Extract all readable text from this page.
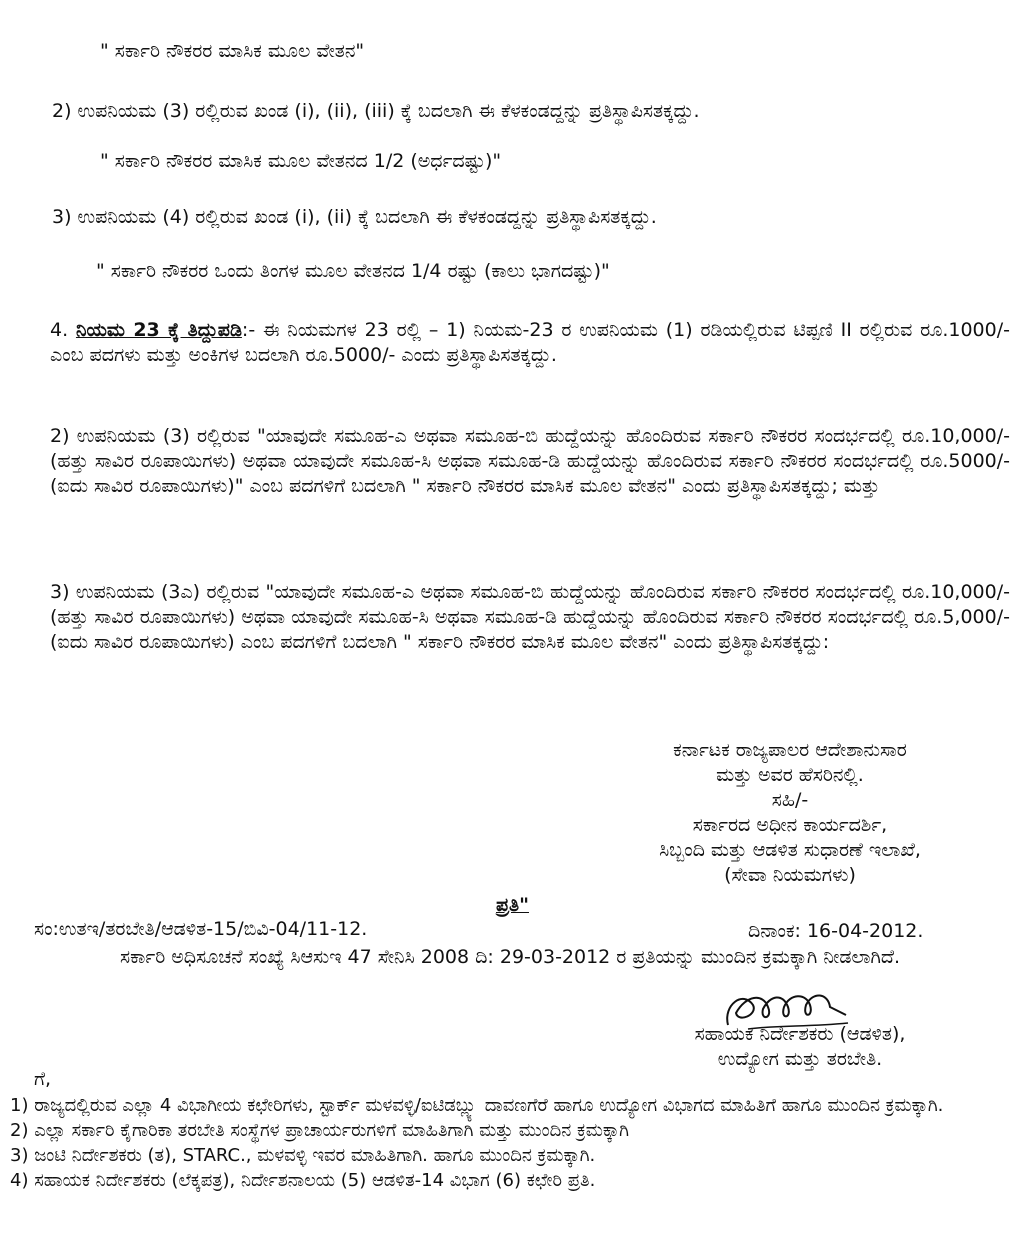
" ಸರ್ಕಾರಿ ನೌಕರರ ಮಾಸಿಕ ಮೂಲ ವೇತನ"
2) ಉಪನಿಯಮ (3) ರಲ್ಲಿರುವ ಖಂಡ (i), (ii), (iii) ಕ್ಕೆ ಬದಲಾಗಿ ಈ ಕೆಳಕಂಡದ್ದನ್ನು ಪ್ರತಿಸ್ಥಾಪಿಸತಕ್ಕದ್ದು.
" ಸರ್ಕಾರಿ ನೌಕರರ ಮಾಸಿಕ ಮೂಲ ವೇತನದ 1/2 (ಅರ್ಧದಷ್ಟು)"
3) ಉಪನಿಯಮ (4) ರಲ್ಲಿರುವ ಖಂಡ (i), (ii) ಕ್ಕೆ ಬದಲಾಗಿ ಈ ಕೆಳಕಂಡದ್ದನ್ನು ಪ್ರತಿಸ್ಥಾಪಿಸತಕ್ಕದ್ದು.
" ಸರ್ಕಾರಿ ನೌಕರರ ಒಂದು ತಿಂಗಳ ಮೂಲ ವೇತನದ 1/4 ರಷ್ಟು (ಕಾಲು ಭಾಗದಷ್ಟು)"
4. ನಿಯಮ 23 ಕ್ಕೆ ತಿದ್ದುಪಡಿ:- ಈ ನಿಯಮಗಳ 23 ರಲ್ಲಿ – 1) ನಿಯಮ-23 ರ ಉಪನಿಯಮ (1) ರಡಿಯಲ್ಲಿರುವ ಟಿಪ್ಪಣಿ II ರಲ್ಲಿರುವ ರೂ.1000/- ಎಂಬ ಪದಗಳು ಮತ್ತು ಅಂಕಿಗಳ ಬದಲಾಗಿ ರೂ.5000/- ಎಂದು ಪ್ರತಿಸ್ಥಾಪಿಸತಕ್ಕದ್ದು.
2) ಉಪನಿಯಮ (3) ರಲ್ಲಿರುವ "ಯಾವುದೇ ಸಮೂಹ-ಎ ಅಥವಾ ಸಮೂಹ-ಬಿ ಹುದ್ದೆಯನ್ನು ಹೊಂದಿರುವ ಸರ್ಕಾರಿ ನೌಕರರ ಸಂದರ್ಭದಲ್ಲಿ ರೂ.10,000/- (ಹತ್ತು ಸಾವಿರ ರೂಪಾಯಿಗಳು) ಅಥವಾ ಯಾವುದೇ ಸಮೂಹ-ಸಿ ಅಥವಾ ಸಮೂಹ-ಡಿ ಹುದ್ದೆಯನ್ನು ಹೊಂದಿರುವ ಸರ್ಕಾರಿ ನೌಕರರ ಸಂದರ್ಭದಲ್ಲಿ ರೂ.5000/- (ಐದು ಸಾವಿರ ರೂಪಾಯಿಗಳು)" ಎಂಬ ಪದಗಳಿಗೆ ಬದಲಾಗಿ " ಸರ್ಕಾರಿ ನೌಕರರ ಮಾಸಿಕ ಮೂಲ ವೇತನ" ಎಂದು ಪ್ರತಿಸ್ಥಾಪಿಸತಕ್ಕದ್ದು; ಮತ್ತು
3) ಉಪನಿಯಮ (3ಎ) ರಲ್ಲಿರುವ "ಯಾವುದೇ ಸಮೂಹ-ಎ ಅಥವಾ ಸಮೂಹ-ಬಿ ಹುದ್ದೆಯನ್ನು ಹೊಂದಿರುವ ಸರ್ಕಾರಿ ನೌಕರರ ಸಂದರ್ಭದಲ್ಲಿ ರೂ.10,000/- (ಹತ್ತು ಸಾವಿರ ರೂಪಾಯಿಗಳು) ಅಥವಾ ಯಾವುದೇ ಸಮೂಹ-ಸಿ ಅಥವಾ ಸಮೂಹ-ಡಿ ಹುದ್ದೆಯನ್ನು ಹೊಂದಿರುವ ಸರ್ಕಾರಿ ನೌಕರರ ಸಂದರ್ಭದಲ್ಲಿ ರೂ.5,000/- (ಐದು ಸಾವಿರ ರೂಪಾಯಿಗಳು) ಎಂಬ ಪದಗಳಿಗೆ ಬದಲಾಗಿ " ಸರ್ಕಾರಿ ನೌಕರರ ಮಾಸಿಕ ಮೂಲ ವೇತನ" ಎಂದು ಪ್ರತಿಸ್ಥಾಪಿಸತಕ್ಕದ್ದು:
ಕರ್ನಾಟಕ ರಾಜ್ಯಪಾಲರ ಆದೇಶಾನುಸಾರ
ಮತ್ತು ಅವರ ಹೆಸರಿನಲ್ಲಿ.
ಸಹಿ/-
ಸರ್ಕಾರದ ಅಧೀನ ಕಾರ್ಯದರ್ಶಿ,
ಸಿಬ್ಬಂದಿ ಮತ್ತು ಆಡಳಿತ ಸುಧಾರಣೆ ಇಲಾಖೆ,
(ಸೇವಾ ನಿಯಮಗಳು)
ಪ್ರತಿ"
ಸಂ:ಉತಇ/ತರಬೇತಿ/ಆಡಳಿತ-15/ಬಿವಿ-04/11-12.	ದಿನಾಂಕ: 16-04-2012.
ಸರ್ಕಾರಿ ಅಧಿಸೂಚನೆ ಸಂಖ್ಯೆ ಸಿಆಸುಇ 47 ಸೇನಿಸಿ 2008 ದಿ: 29-03-2012 ರ ಪ್ರತಿಯನ್ನು ಮುಂದಿನ ಕ್ರಮಕ್ಕಾಗಿ ನೀಡಲಾಗಿದೆ.
ಸಹಾಯಕ ನಿರ್ದೇಶಕರು (ಆಡಳಿತ),
ಉದ್ಯೋಗ ಮತ್ತು ತರಬೇತಿ.
ಗೆ,

1) ರಾಜ್ಯದಲ್ಲಿರುವ ಎಲ್ಲಾ 4 ವಿಭಾಗೀಯ ಕಛೇರಿಗಳು, ಸ್ಟಾರ್ಕ್ ಮಳವಳ್ಳಿ/ಐಟಿಡಬ್ಲ್ಯು ದಾವಣಗೆರೆ ಹಾಗೂ ಉದ್ಯೋಗ ವಿಭಾಗದ ಮಾಹಿತಿಗೆ ಹಾಗೂ ಮುಂದಿನ ಕ್ರಮಕ್ಕಾಗಿ.

2) ಎಲ್ಲಾ ಸರ್ಕಾರಿ ಕೈಗಾರಿಕಾ ತರಬೇತಿ ಸಂಸ್ಥೆಗಳ ಪ್ರಾಚಾರ್ಯರುಗಳಿಗೆ ಮಾಹಿತಿಗಾಗಿ ಮತ್ತು ಮುಂದಿನ ಕ್ರಮಕ್ಕಾಗಿ

3) ಜಂಟಿ ನಿರ್ದೇಶಕರು (ತ), STARC., ಮಳವಳ್ಳಿ ಇವರ ಮಾಹಿತಿಗಾಗಿ. ಹಾಗೂ ಮುಂದಿನ ಕ್ರಮಕ್ಕಾಗಿ.

4) ಸಹಾಯಕ ನಿರ್ದೇಶಕರು (ಲೆಕ್ಕಪತ್ರ), ನಿರ್ದೇಶನಾಲಯ (5) ಆಡಳಿತ-14 ವಿಭಾಗ (6) ಕಛೇರಿ ಪ್ರತಿ.
